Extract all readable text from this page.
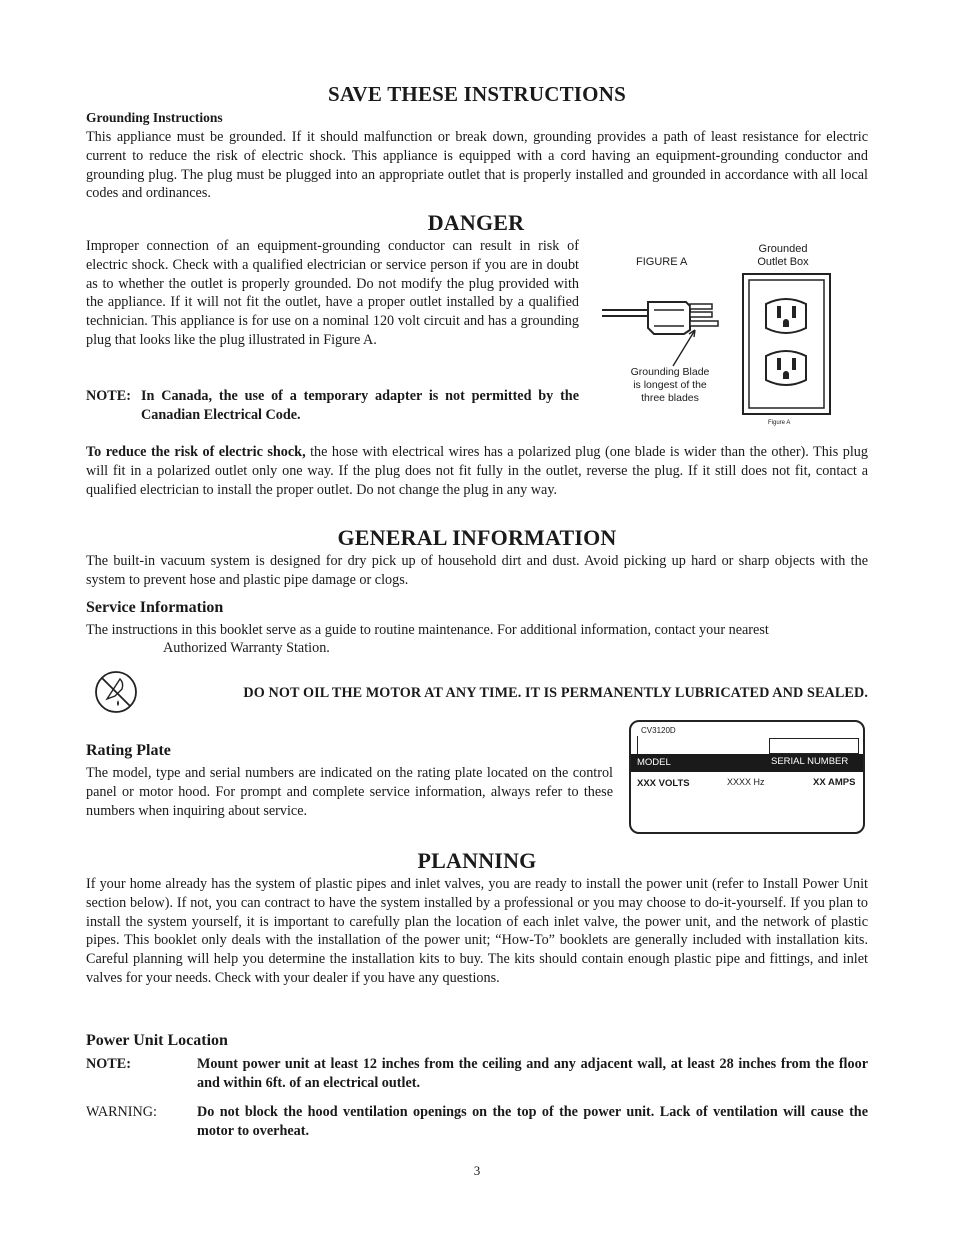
SAVE THESE INSTRUCTIONS
Grounding Instructions
This appliance must be grounded. If it should malfunction or break down, grounding provides a path of least resistance for electric current to reduce the risk of electric shock. This appliance is equipped with a cord having an equipment-grounding conductor and grounding plug. The plug must be plugged into an appropriate outlet that is properly installed and grounded in accordance with all local codes and ordinances.
DANGER
Improper connection of an equipment-grounding conductor can result in risk of electric shock. Check with a qualified electrician or service person if you are in doubt as to whether the outlet is properly grounded. Do not modify the plug provided with the appliance. If it will not fit the outlet, have a proper outlet installed by a qualified technician. This appliance is for use on a nominal 120 volt circuit and has a grounding plug that looks like the plug illustrated in Figure A.
NOTE: In Canada, the use of a temporary adapter is not permitted by the Canadian Electrical Code.
FIGURE A
Grounded
Outlet Box
Grounding Blade
is longest of the
three blades
Figure A
To reduce the risk of electric shock, the hose with electrical wires has a polarized plug (one blade is wider than the other). This plug will fit in a polarized outlet only one way. If the plug does not fit fully in the outlet, reverse the plug. If it still does not fit, contact a qualified electrician to install the proper outlet. Do not change the plug in any way.
GENERAL INFORMATION
The built-in vacuum system is designed for dry pick up of household dirt and dust. Avoid picking up hard or sharp objects with the system to prevent hose and plastic pipe damage or clogs.
Service Information
The instructions in this booklet serve as a guide to routine maintenance. For additional information, contact your nearest
Authorized Warranty Station.
DO NOT OIL THE MOTOR AT ANY TIME. IT IS PERMANENTLY LUBRICATED AND SEALED.
Rating Plate
The model, type and serial numbers are indicated on the rating plate located on the control panel or motor hood. For prompt and complete service information, always refer to these numbers when inquiring about service.
CV3120D
MODEL	SERIAL NUMBER
XXX VOLTS	XXXX Hz	XX AMPS
PLANNING
If your home already has the system of plastic pipes and inlet valves, you are ready to install the power unit (refer to Install Power Unit section below). If not, you can contract to have the system installed by a professional or you may choose to do-it-yourself. If you plan to install the system yourself, it is important to carefully plan the location of each inlet valve, the power unit, and the network of plastic pipes. This booklet only deals with the installation of the power unit; “How-To” booklets are generally included with installation kits. Careful planning will help you determine the installation kits to buy. The kits should contain enough plastic pipe and fittings, and inlet valves for your needs. Check with your dealer if you have any questions.
Power Unit Location
NOTE:	Mount power unit at least 12 inches from the ceiling and any adjacent wall, at least 28 inches from the floor and within 6ft. of an electrical outlet.
WARNING:	Do not block the hood ventilation openings on the top of the power unit. Lack of ventilation will cause the motor to overheat.
3
